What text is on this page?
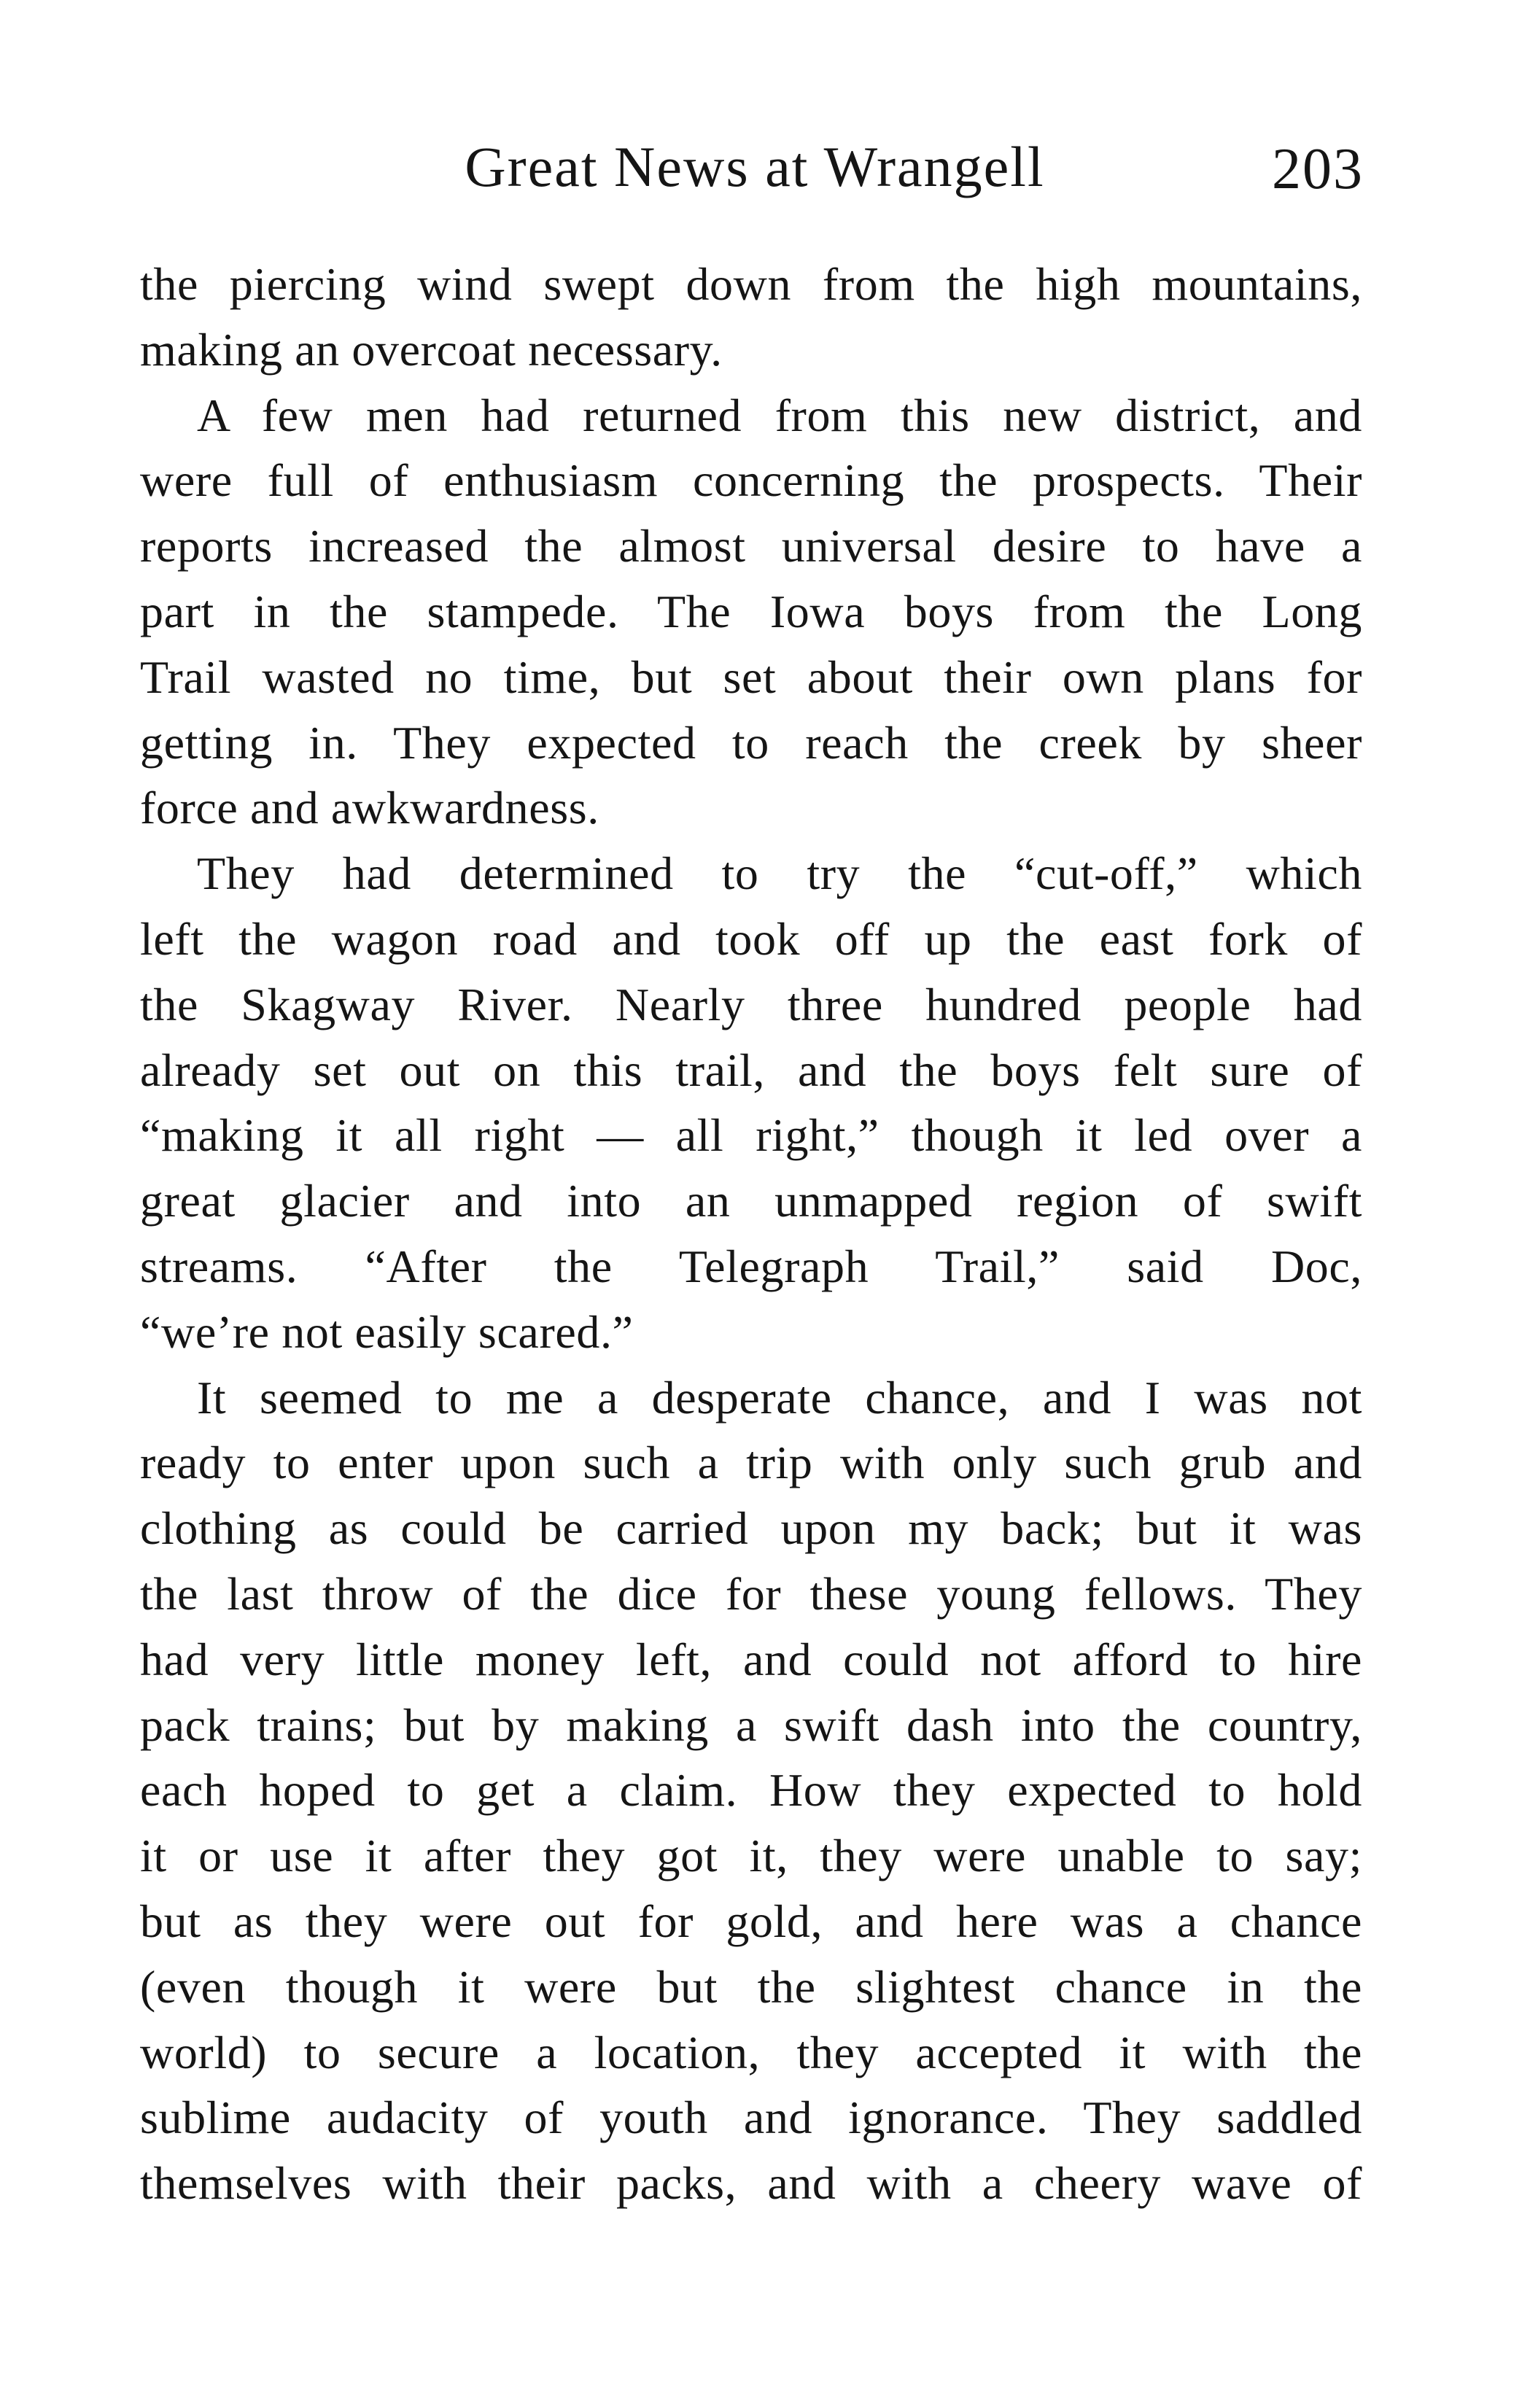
Great News at Wrangell	203
the piercing wind swept down from the high mountains,
making an overcoat necessary.
A few men had returned from this new district, and
were full of enthusiasm concerning the prospects. Their
reports increased the almost universal desire to have a
part in the stampede. The Iowa boys from the Long
Trail wasted no time, but set about their own plans for
getting in. They expected to reach the creek by sheer
force and awkwardness.
They had determined to try the “cut-off,” which
left the wagon road and took off up the east fork of
the Skagway River. Nearly three hundred people had
already set out on this trail, and the boys felt sure of
“making it all right — all right,” though it led over a
great glacier and into an unmapped region of swift
streams. “After the Telegraph Trail,” said Doc,
“we’re not easily scared.”
It seemed to me a desperate chance, and I was not
ready to enter upon such a trip with only such grub and
clothing as could be carried upon my back; but it was
the last throw of the dice for these young fellows. They
had very little money left, and could not afford to hire
pack trains; but by making a swift dash into the country,
each hoped to get a claim. How they expected to hold
it or use it after they got it, they were unable to say;
but as they were out for gold, and here was a chance
(even though it were but the slightest chance in the
world) to secure a location, they accepted it with the
sublime audacity of youth and ignorance. They saddled
themselves with their packs, and with a cheery wave of
